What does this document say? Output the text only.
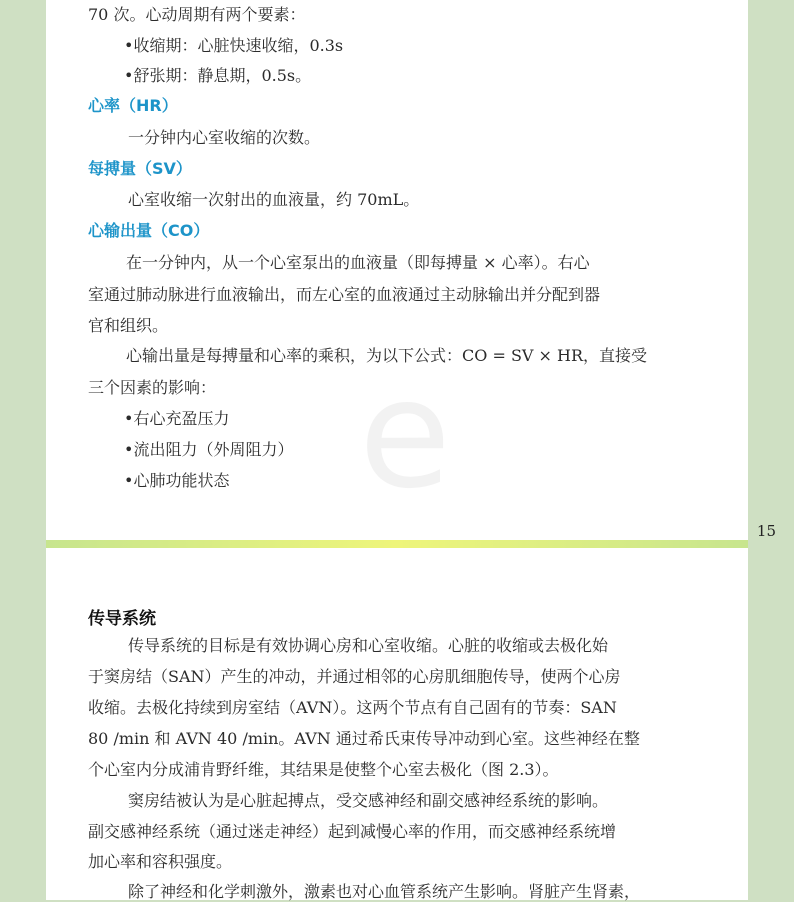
e
70 次。心动周期有两个要素：
•收缩期：心脏快速收缩，0.3s
•舒张期：静息期，0.5s。
心率（HR）
一分钟内心室收缩的次数。
每搏量（SV）
心室收缩一次射出的血液量，约 70mL。
心输出量（CO）
在一分钟内，从一个心室泵出的血液量（即每搏量 × 心率）。右心
室通过肺动脉进行血液输出，而左心室的血液通过主动脉输出并分配到器
官和组织。
心输出量是每搏量和心率的乘积，为以下公式：CO = SV × HR，直接受
三个因素的影响：
•右心充盈压力
•流出阻力（外周阻力）
•心肺功能状态
15
传导系统
传导系统的目标是有效协调心房和心室收缩。心脏的收缩或去极化始
于窦房结（SAN）产生的冲动，并通过相邻的心房肌细胞传导，使两个心房
收缩。去极化持续到房室结（AVN）。这两个节点有自己固有的节奏：SAN
80 /min 和 AVN 40 /min。AVN 通过希氏束传导冲动到心室。这些神经在整
个心室内分成浦肯野纤维，其结果是使整个心室去极化（图 2.3）。
窦房结被认为是心脏起搏点，受交感神经和副交感神经系统的影响。
副交感神经系统（通过迷走神经）起到减慢心率的作用，而交感神经系统增
加心率和容积强度。
除了神经和化学刺激外，激素也对心血管系统产生影响。肾脏产生肾素，
